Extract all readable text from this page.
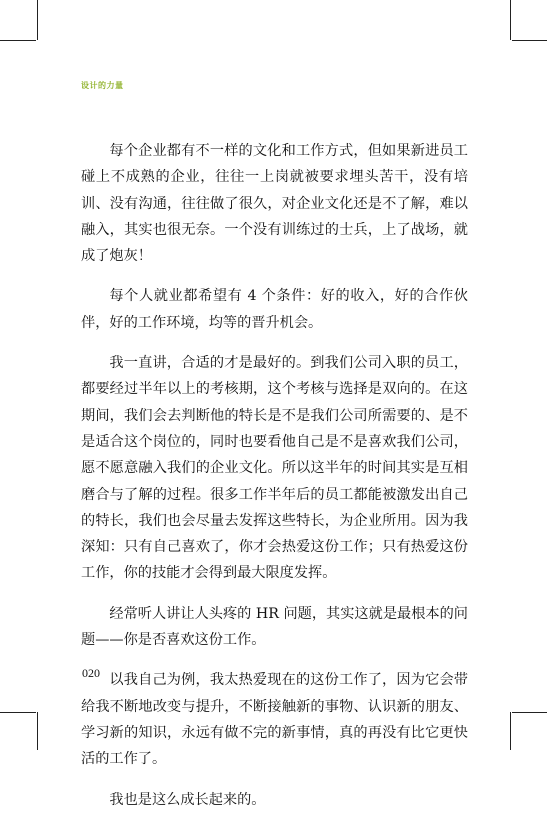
设计的力量

每个企业都有不一样的文化和工作方式，但如果新进员工碰上不成熟的企业，往往一上岗就被要求埋头苦干，没有培训、没有沟通，往往做了很久，对企业文化还是不了解，难以融入，其实也很无奈。一个没有训练过的士兵，上了战场，就成了炮灰！

每个人就业都希望有 4 个条件：好的收入，好的合作伙伴，好的工作环境，均等的晋升机会。

我一直讲，合适的才是最好的。到我们公司入职的员工，都要经过半年以上的考核期，这个考核与选择是双向的。在这期间，我们会去判断他的特长是不是我们公司所需要的、是不是适合这个岗位的，同时也要看他自己是不是喜欢我们公司，愿不愿意融入我们的企业文化。所以这半年的时间其实是互相磨合与了解的过程。很多工作半年后的员工都能被激发出自己的特长，我们也会尽量去发挥这些特长，为企业所用。因为我深知：只有自己喜欢了，你才会热爱这份工作；只有热爱这份工作，你的技能才会得到最大限度发挥。

经常听人讲让人头疼的 HR 问题，其实这就是最根本的问题——你是否喜欢这份工作。

以我自己为例，我太热爱现在的这份工作了，因为它会带给我不断地改变与提升，不断接触新的事物、认识新的朋友、学习新的知识，永远有做不完的新事情，真的再没有比它更快活的工作了。

我也是这么成长起来的。

020
